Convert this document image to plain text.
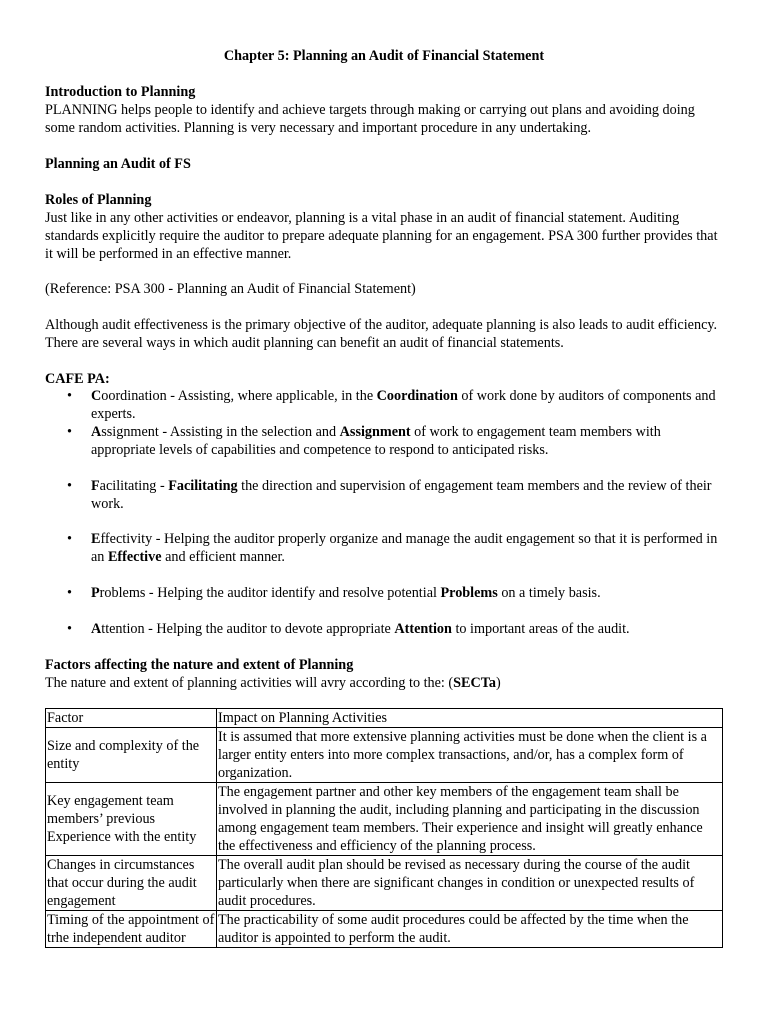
Chapter 5: Planning an Audit of Financial Statement
Introduction to Planning

PLANNING helps people to identify and achieve targets through making or carrying out plans and avoiding doing some random activities. Planning is very necessary and important procedure in any undertaking.

Planning an Audit of FS
Roles of Planning

Just like in any other activities or endeavor, planning is a vital phase in an audit of financial statement. Auditing standards explicitly require the auditor to prepare adequate planning for an engagement. PSA 300 further provides that it will be performed in an effective manner.

(Reference: PSA 300 - Planning an Audit of Financial Statement)
Although audit effectiveness is the primary objective of the auditor, adequate planning is also leads to audit efficiency. There are several ways in which audit planning can benefit an audit of financial statements.
CAFE PA:
• Coordination - Assisting, where applicable, in the Coordination of work done by auditors of components and experts.
• Assignment - Assisting in the selection and Assignment of work to engagement team members with appropriate levels of capabilities and competence to respond to anticipated risks.
• Facilitating - Facilitating the direction and supervision of engagement team members and the review of their work.
• Effectivity - Helping the auditor properly organize and manage the audit engagement so that it is performed in an Effective and efficient manner.
• Problems - Helping the auditor identify and resolve potential Problems on a timely basis.
• Attention - Helping the auditor to devote appropriate Attention to important areas of the audit.
Factors affecting the nature and extent of Planning

The nature and extent of planning activities will avry according to the: (SECTa)

Factor	Impact on Planning Activities
Size and complexity of the entity	It is assumed that more extensive planning activities must be done when the client is a larger entity enters into more complex transactions, and/or, has a complex form of organization.
Key engagement team members’ previous Experience with the entity	The engagement partner and other key members of the engagement team shall be involved in planning the audit, including planning and participating in the discussion among engagement team members. Their experience and insight will greatly enhance the effectiveness and efficiency of the planning process.
Changes in circumstances that occur during the audit engagement	The overall audit plan should be revised as necessary during the course of the audit particularly when there are significant changes in condition or unexpected results of audit procedures.
Timing of the appointment of trhe independent auditor	The practicability of some audit procedures could be affected by the time when the auditor is appointed to perform the audit.
